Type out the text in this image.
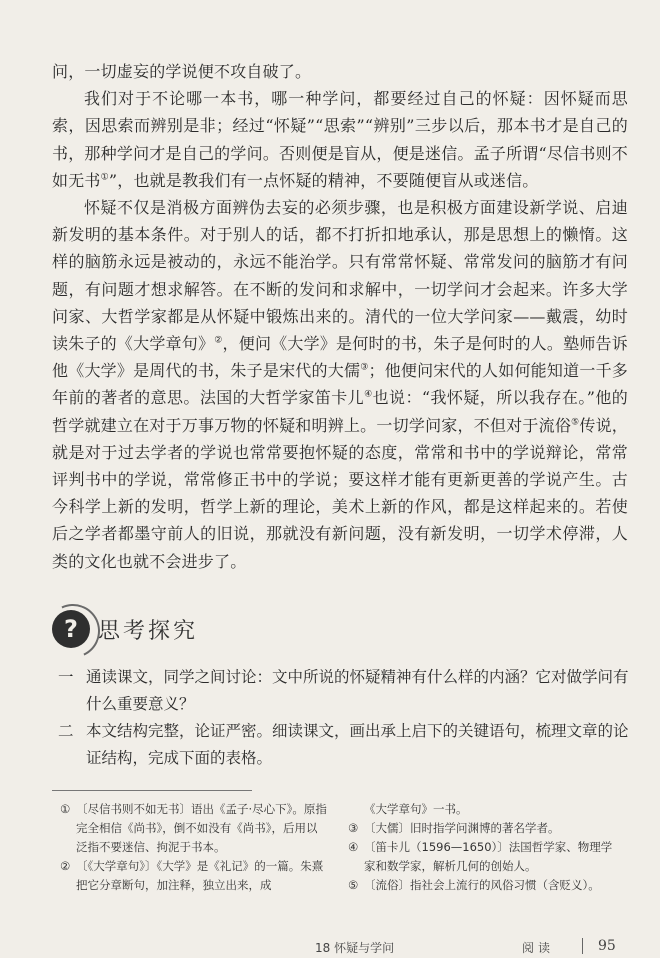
问，一切虚妄的学说便不攻自破了。

我们对于不论哪一本书，哪一种学问，都要经过自己的怀疑：因怀疑而思索，因思索而辨别是非；经过“怀疑”“思索”“辨别”三步以后，那本书才是自己的书，那种学问才是自己的学问。否则便是盲从，便是迷信。孟子所谓“尽信书则不如无书①”，也就是教我们有一点怀疑的精神，不要随便盲从或迷信。

怀疑不仅是消极方面辨伪去妄的必须步骤，也是积极方面建设新学说、启迪新发明的基本条件。对于别人的话，都不打折扣地承认，那是思想上的懒惰。这样的脑筋永远是被动的，永远不能治学。只有常常怀疑、常常发问的脑筋才有问题，有问题才想求解答。在不断的发问和求解中，一切学问才会起来。许多大学问家、大哲学家都是从怀疑中锻炼出来的。清代的一位大学问家——戴震，幼时读朱子的《大学章句》②，便问《大学》是何时的书，朱子是何时的人。塾师告诉他《大学》是周代的书，朱子是宋代的大儒③；他便问宋代的人如何能知道一千多年前的著者的意思。法国的大哲学家笛卡儿④也说：“我怀疑，所以我存在。”他的哲学就建立在对于万事万物的怀疑和明辨上。一切学问家，不但对于流俗⑤传说，就是对于过去学者的学说也常常要抱怀疑的态度，常常和书中的学说辩论，常常评判书中的学说，常常修正书中的学说；要这样才能有更新更善的学说产生。古今科学上新的发明，哲学上新的理论，美术上新的作风，都是这样起来的。若使后之学者都墨守前人的旧说，那就没有新问题，没有新发明，一切学术停滞，人类的文化也就不会进步了。

? 思考探究
一 通读课文，同学之间讨论：文中所说的怀疑精神有什么样的内涵？它对做学问有什么重要意义？
二 本文结构完整，论证严密。细读课文，画出承上启下的关键语句，梳理文章的论证结构，完成下面的表格。
① 〔尽信书则不如无书〕语出《孟子·尽心下》。原指完全相信《尚书》，倒不如没有《尚书》，后用以泛指不要迷信、拘泥于书本。
② 〔《大学章句》〕《大学》是《礼记》的一篇。朱熹把它分章断句，加注释，独立出来，成
《大学章句》一书。
③ 〔大儒〕旧时指学问渊博的著名学者。
④ 〔笛卡儿（1596—1650）〕法国哲学家、物理学家和数学家，解析几何的创始人。
⑤ 〔流俗〕指社会上流行的风俗习惯（含贬义）。
18 怀疑与学问	阅读	95
